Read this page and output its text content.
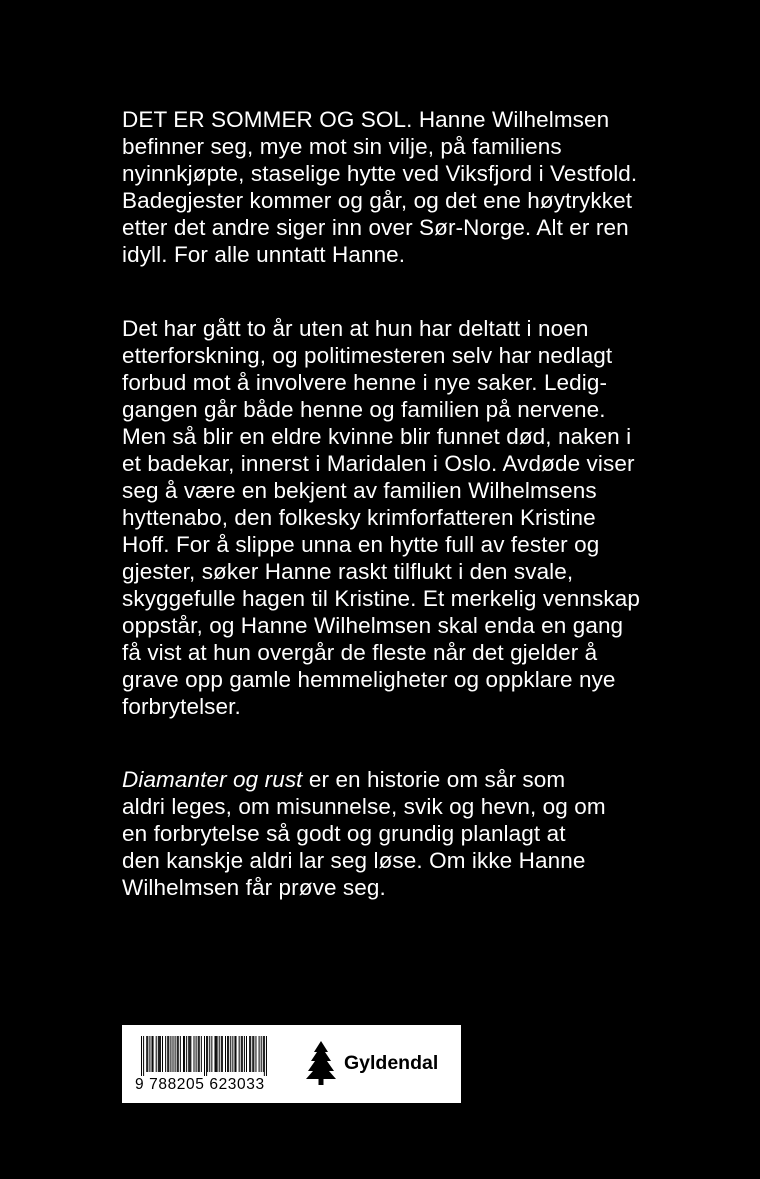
DET ER SOMMER OG SOL. Hanne Wilhelmsen
befinner seg, mye mot sin vilje, på familiens
nyinnkjøpte, staselige hytte ved Viksfjord i Vestfold.
Badegjester kommer og går, og det ene høytrykket
etter det andre siger inn over Sør-Norge. Alt er ren
idyll. For alle unntatt Hanne.
Det har gått to år uten at hun har deltatt i noen
etterforskning, og politimesteren selv har nedlagt
forbud mot å involvere henne i nye saker. Ledig-
gangen går både henne og familien på nervene.
Men så blir en eldre kvinne blir funnet død, naken i
et badekar, innerst i Maridalen i Oslo. Avdøde viser
seg å være en bekjent av familien Wilhelmsens
hyttenabo, den folkesky krimforfatteren Kristine
Hoff. For å slippe unna en hytte full av fester og
gjester, søker Hanne raskt tilflukt i den svale,
skyggefulle hagen til Kristine. Et merkelig vennskap
oppstår, og Hanne Wilhelmsen skal enda en gang
få vist at hun overgår de fleste når det gjelder å
grave opp gamle hemmeligheter og oppklare nye
forbrytelser.
Diamanter og rust er en historie om sår som
aldri leges, om misunnelse, svik og hevn, og om
en forbrytelse så godt og grundig planlagt at
den kanskje aldri lar seg løse. Om ikke Hanne
Wilhelmsen får prøve seg.
9 788205 623033
Gyldendal
